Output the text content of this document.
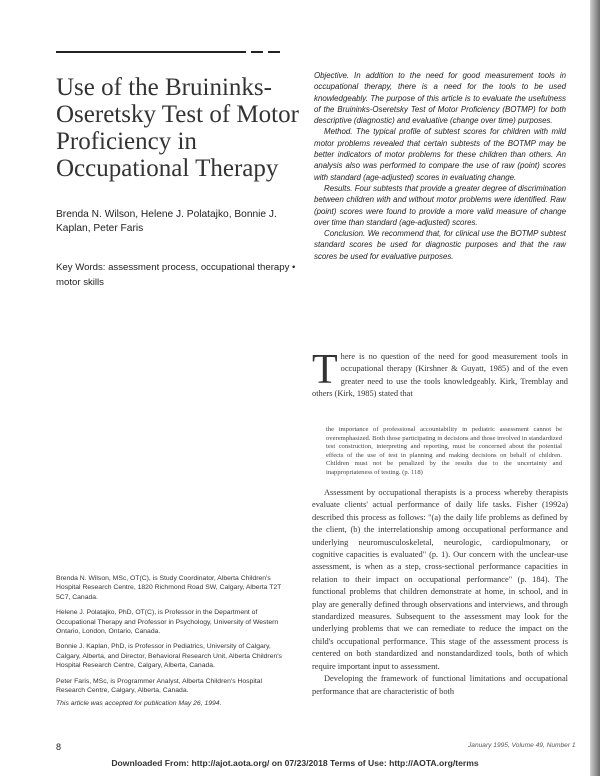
Use of the Bruininks-Oseretsky Test of Motor Proficiency in Occupational Therapy
Brenda N. Wilson, Helene J. Polatajko, Bonnie J. Kaplan, Peter Faris
Key Words: assessment process, occupational therapy • motor skills

Objective. In addition to the need for good measurement tools in occupational therapy, there is a need for the tools to be used knowledgeably. The purpose of this article is to evaluate the usefulness of the Bruininks-Oseretsky Test of Motor Proficiency (BOTMP) for both descriptive (diagnostic) and evaluative (change over time) purposes.

Method. The typical profile of subtest scores for children with mild motor problems revealed that certain subtests of the BOTMP may be better indicators of motor problems for these children than others. An analysis also was performed to compare the use of raw (point) scores with standard (age-adjusted) scores in evaluating change.

Results. Four subtests that provide a greater degree of discrimination between children with and without motor problems were identified. Raw (point) scores were found to provide a more valid measure of change over time than standard (age-adjusted) scores.

Conclusion. We recommend that, for clinical use the BOTMP subtest standard scores be used for diagnostic purposes and that the raw scores be used for evaluative purposes.

There is no question of the need for good measurement tools in occupational therapy (Kirshner & Guyatt, 1985) and of the even greater need to use the tools knowledgeably. Kirk, Tremblay and others (Kirk, 1985) stated that
the importance of professional accountability in pediatric assessment cannot be overemphasized. Both those participating in decisions and those involved in standardized test construction, interpreting and reporting, must be concerned about the potential effects of the use of test in planning and making decisions on behalf of children. Children must not be penalized by the results due to the uncertainty and inappropriateness of testing. (p. 118)

Assessment by occupational therapists is a process whereby therapists evaluate clients' actual performance of daily life tasks. Fisher (1992a) described this process as follows: "(a) the daily life problems as defined by the client, (b) the interrelationship among occupational performance and underlying neuromusculoskeletal, neurologic, cardiopulmonary, or cognitive capacities is evaluated" (p. 1). Our concern with the unclear-use assessment, is when as a step, cross-sectional performance capacities in relation to their impact on occupational performance" (p. 184). The functional problems that children demonstrate at home, in school, and in play are generally defined through observations and interviews, and through standardized measures. Subsequent to the assessment may look for the underlying problems that we can remediate to reduce the impact on the child's occupational performance. This stage of the assessment process is centered on both standardized and nonstandardized tools, both of which require important input to assessment.

Developing the framework of functional limitations and occupational performance that are characteristic of both

Brenda N. Wilson, MSc, OT(C), is Study Coordinator, Alberta Children's Hospital Research Centre, 1820 Richmond Road SW, Calgary, Alberta T2T 5C7, Canada.

Helene J. Polatajko, PhD, OT(C), is Professor in the Department of Occupational Therapy and Professor in Psychology, University of Western Ontario, London, Ontario, Canada.

Bonnie J. Kaplan, PhD, is Professor in Pediatrics, University of Calgary, Calgary, Alberta, and Director, Behavioral Research Unit, Alberta Children's Hospital Research Centre, Calgary, Alberta, Canada.

Peter Faris, MSc, is Programmer Analyst, Alberta Children's Hospital Research Centre, Calgary, Alberta, Canada.

This article was accepted for publication May 26, 1994.

8	January 1995, Volume 49, Number 1
Downloaded From: http://ajot.aota.org/ on 07/23/2018 Terms of Use: http://AOTA.org/terms
